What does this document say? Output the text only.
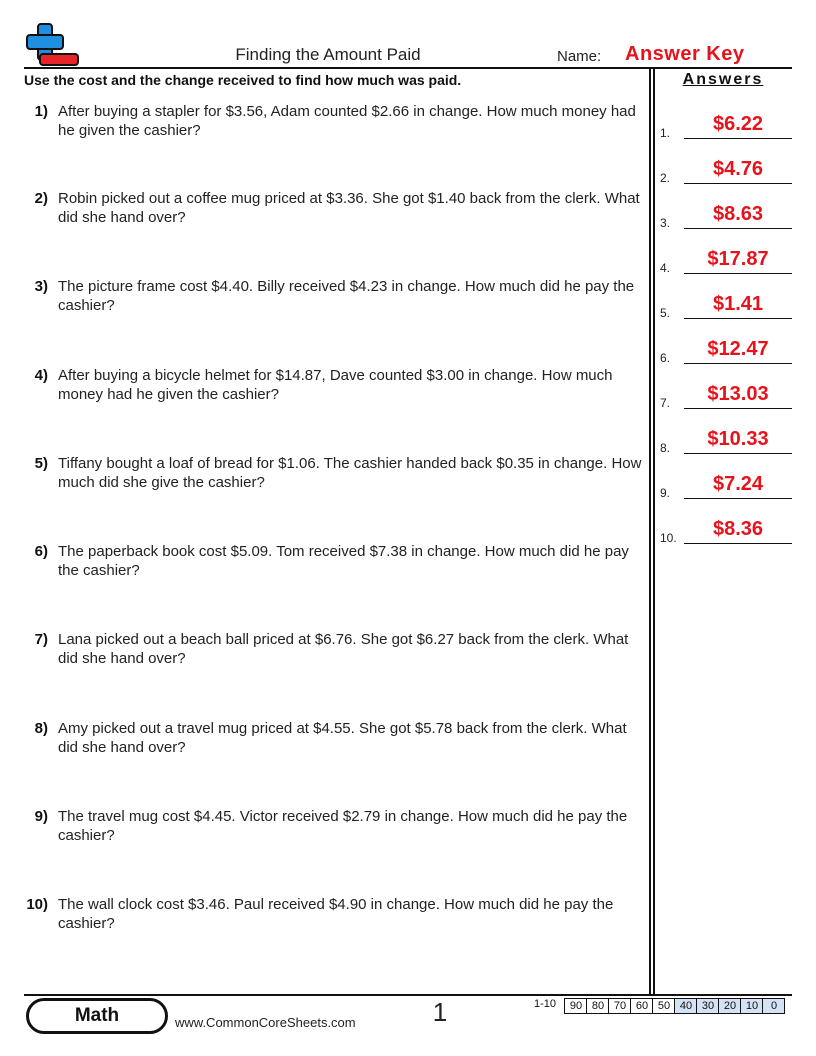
Finding the Amount Paid	Name: Answer Key
Use the cost and the change received to find how much was paid.	Answers
1) After buying a stapler for $3.56, Adam counted $2.66 in change. How much money had he given the cashier?
2) Robin picked out a coffee mug priced at $3.36. She got $1.40 back from the clerk. What did she hand over?
3) The picture frame cost $4.40. Billy received $4.23 in change. How much did he pay the cashier?
4) After buying a bicycle helmet for $14.87, Dave counted $3.00 in change. How much money had he given the cashier?
5) Tiffany bought a loaf of bread for $1.06. The cashier handed back $0.35 in change. How much did she give the cashier?
6) The paperback book cost $5.09. Tom received $7.38 in change. How much did he pay the cashier?
7) Lana picked out a beach ball priced at $6.76. She got $6.27 back from the clerk. What did she hand over?
8) Amy picked out a travel mug priced at $4.55. She got $5.78 back from the clerk. What did she hand over?
9) The travel mug cost $4.45. Victor received $2.79 in change. How much did he pay the cashier?
10) The wall clock cost $3.46. Paul received $4.90 in change. How much did he pay the cashier?
1.	$6.22
2.	$4.76
3.	$8.63
4.	$17.87
5.	$1.41
6.	$12.47
7.	$13.03
8.	$10.33
9.	$7.24
10.	$8.36
Math	www.CommonCoreSheets.com	1	1-10 90	80	70	60	50	40	30	20	10	0
